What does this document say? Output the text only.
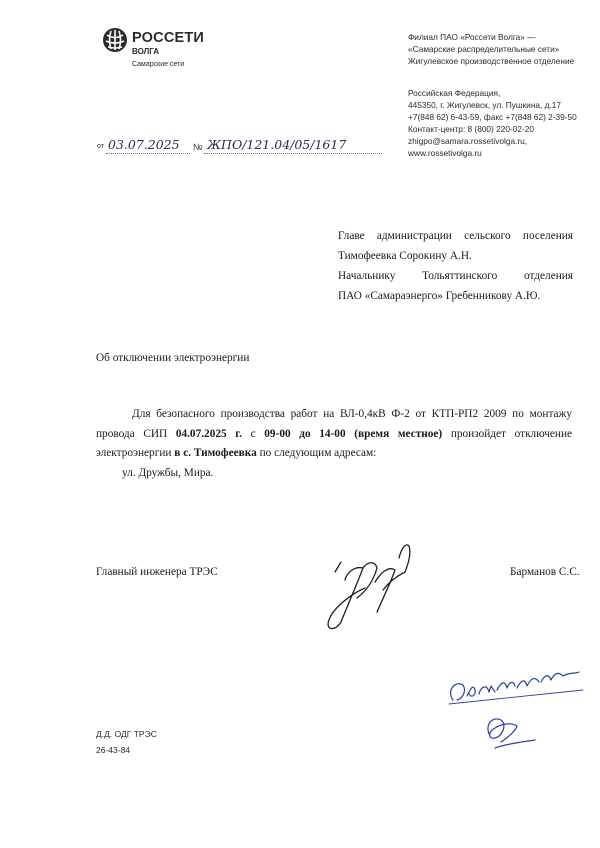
РОССЕТИ
ВОЛГА
Самарские сети
Филиал ПАО «Россети Волга» —
«Самарские распределительные сети»
Жигулевское производственное отделение
Российская Федерация,
445350, г. Жигулевск, ул. Пушкина, д.17
+7(848 62) 6-43-59, факс +7(848 62) 2-39-50
Контакт-центр: 8 (800) 220-02-20
zhigpo@samara.rossetivolga.ru, www.rossetivolga.ru
от 03.07.2025 № ЖПО/121.04/05/1617
Главе администрации сельского поселения
Тимофеевка Сорокину А.Н.
Начальнику Тольяттинского отделения
ПАО «Самараэнерго» Гребенникову А.Ю.
Об отключении электроэнергии
Для безопасного производства работ на ВЛ-0,4кВ Ф-2 от КТП-РП2 2009 по монтажу провода СИП 04.07.2025 г. с 09-00 до 14-00 (время местное) произойдет отключение электроэнергии в с. Тимофеевка по следующим адресам:
ул. Дружбы, Мира.
Главный инженера ТРЭС	Барманов С.С.
Д.Д. ОДГ ТРЭС
26-43-84
